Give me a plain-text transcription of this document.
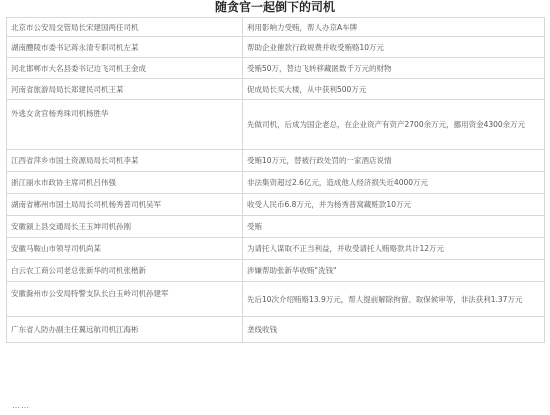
随贪官一起倒下的司机
北京市公安局交管局长宋建国两任司机	利用影响力受贿，帮人办京A车牌
湖南醴陵市委书记蒋永清专职司机左某	帮助企业催款行政规费并收受贿赂10万元
河北邯郸市大名县委书记边飞司机王金成	受贿50万，替边飞转移藏匿数千万元的财物
河南省旅游局局长郑建民司机王某	促成局长买大楼，从中获利500万元
外逃女贪官杨秀珠司机杨胜华	先做司机，后成为国企老总，在企业资产有资产2700余万元，挪用资金4300余万元
江西省萍乡市国土资源局局长司机李某	受贿10万元，替被行政处罚的一家酒店说情
浙江丽水市政协主席司机吕伟强	非法集资超过2.6亿元，造成他人经济损失近4000万元
湖南省郴州市国土局局长司机杨秀普司机吴军	收受人民币6.8万元，并为杨秀普窝藏赃款10万元
安徽颍上县交通局长王玉坤司机孙刚	受贿
安徽马鞍山市领导司机尚某	为请托人谋取不正当利益，并收受请托人贿赂款共计12万元
白云农工商公司老总张新华的司机张楷新	涉嫌帮助张新华收贿"洗钱"
安徽滁州市公安局特警支队长白玉岭司机孙建军	先后10次介绍贿赂13.9万元，帮人提前解除拘留、取保候审等，非法获利1.37万元
广东省人防办副主任翼远航司机江海彬	垄线收钱
……
